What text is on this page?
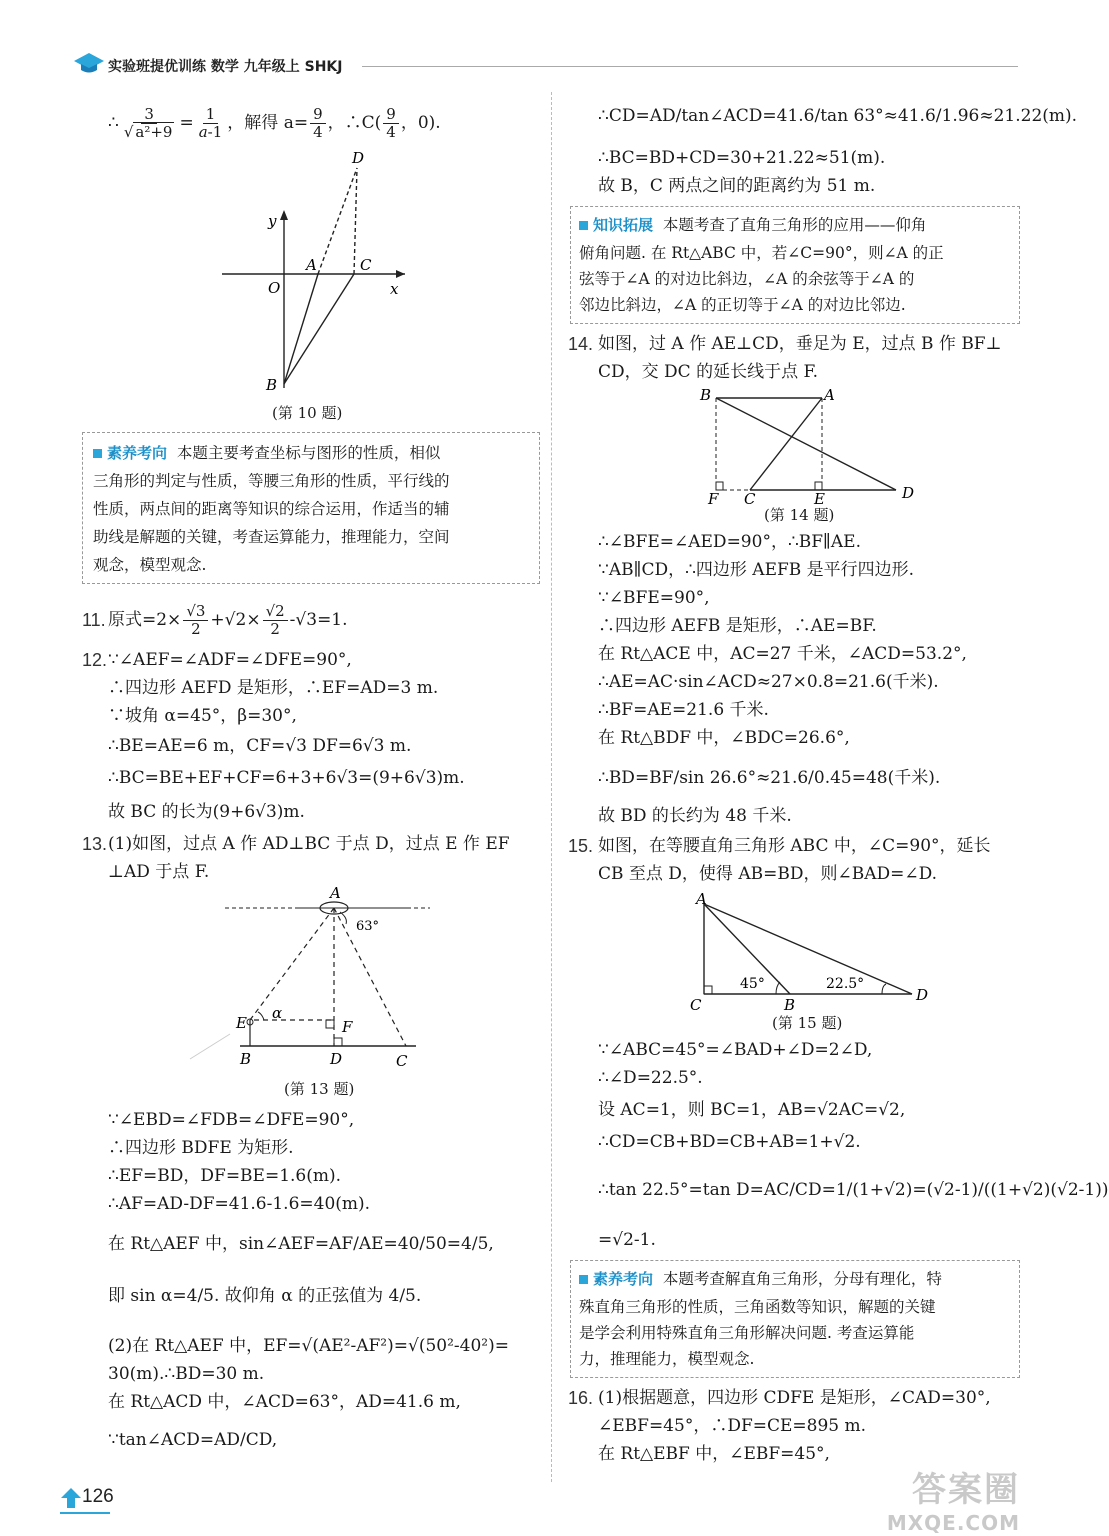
实验班提优训练 数学 九年级上 SHKJ
∴ $\frac{3}{\text{√ a²+9}} = \frac{1}{a-1}$ ，解得 $a= \frac{9}{4}$ ，∴C( $\frac{9}{4}$ ，0).
D
y
A	C
O	x
B
(第 10 题)
素养考向 本题主要考查坐标与图形的性质，相似
三角形的判定与性质，等腰三角形的性质，平行线的
性质，两点间的距离等知识的综合运用，作适当的辅
助线是解题的关键，考查运算能力，推理能力，空间
观念，模型观念.
11. 原式$=2\times \frac{√3}{2} +√2\times \frac{√2}{2} -√3=1$.
12. ∵∠AEF=∠ADF=∠DFE=90°,
∴四边形 AEFD 是矩形，∴EF=AD=3 m.
∵坡角 α=45°，β=30°,
∴BE=AE=6 m，CF=√3 DF=6√3 m.
∴BC=BE+EF+CF=6+3+6√3=(9+6√3)m.
故 BC 的长为(9+6√3)m.
13. (1)如图，过点 A 作 AD⊥BC 于点 D，过点 E 作 EF
⊥AD 于点 F.
A
63°
E
α
F
B	D	C
(第 13 题)
∵∠EBD=∠FDB=∠DFE=90°,
∴四边形 BDFE 为矩形.
∴EF=BD，DF=BE=1.6(m).
∴AF=AD-DF=41.6-1.6=40(m).
在 Rt△AEF 中，sin∠AEF=AF/AE=40/50=4/5,
即 sin α=4/5. 故仰角 α 的正弦值为 4/5.
(2)在 Rt△AEF 中，EF=√(AE²-AF²)=√(50²-40²)=
30(m).∴BD=30 m.
在 Rt△ACD 中，∠ACD=63°，AD=41.6 m,
∵tan∠ACD=AD/CD,
∴CD=AD/tan∠ACD=41.6/tan 63°≈41.6/1.96≈21.22(m).
∴BC=BD+CD=30+21.22≈51(m).
故 B，C 两点之间的距离约为 51 m.
知识拓展 本题考查了直角三角形的应用——仰角
俯角问题. 在 Rt△ABC 中，若∠C=90°，则∠A 的正
弦等于∠A 的对边比斜边，∠A 的余弦等于∠A 的
邻边比斜边，∠A 的正切等于∠A 的对边比邻边.
14. 如图，过 A 作 AE⊥CD，垂足为 E，过点 B 作 BF⊥
CD，交 DC 的延长线于点 F.
B	A
F C	E	D
(第 14 题)
∴∠BFE=∠AED=90°，∴BF∥AE.
∵AB∥CD，∴四边形 AEFB 是平行四边形.
∵∠BFE=90°,
∴四边形 AEFB 是矩形，∴AE=BF.
在 Rt△ACE 中，AC=27 千米，∠ACD=53.2°,
∴AE=AC·sin∠ACD≈27×0.8=21.6(千米).
∴BF=AE=21.6 千米.
在 Rt△BDF 中，∠BDC=26.6°,
∴BD=BF/sin 26.6°≈21.6/0.45=48(千米).
故 BD 的长约为 48 千米.
15. 如图，在等腰直角三角形 ABC 中，∠C=90°，延长
CB 至点 D，使得 AB=BD，则∠BAD=∠D.
A
45°	22.5°
C	B
D
(第 15 题)
∵∠ABC=45°=∠BAD+∠D=2∠D,
∴∠D=22.5°.
设 AC=1，则 BC=1，AB=√2AC=√2,
∴CD=CB+BD=CB+AB=1+√2.
∴tan 22.5°=tan D=AC/CD=1/(1+√2)=(√2-1)/((1+√2)(√2-1))
=√2-1.
素养考向 本题考查解直角三角形，分母有理化，特
殊直角三角形的性质，三角函数等知识，解题的关键
是学会利用特殊直角三角形解决问题. 考查运算能
力，推理能力，模型观念.
16. (1)根据题意，四边形 CDFE 是矩形，∠CAD=30°,
∠EBF=45°，∴DF=CE=895 m.
在 Rt△EBF 中，∠EBF=45°,
126	答案圈
MXQE.COM
